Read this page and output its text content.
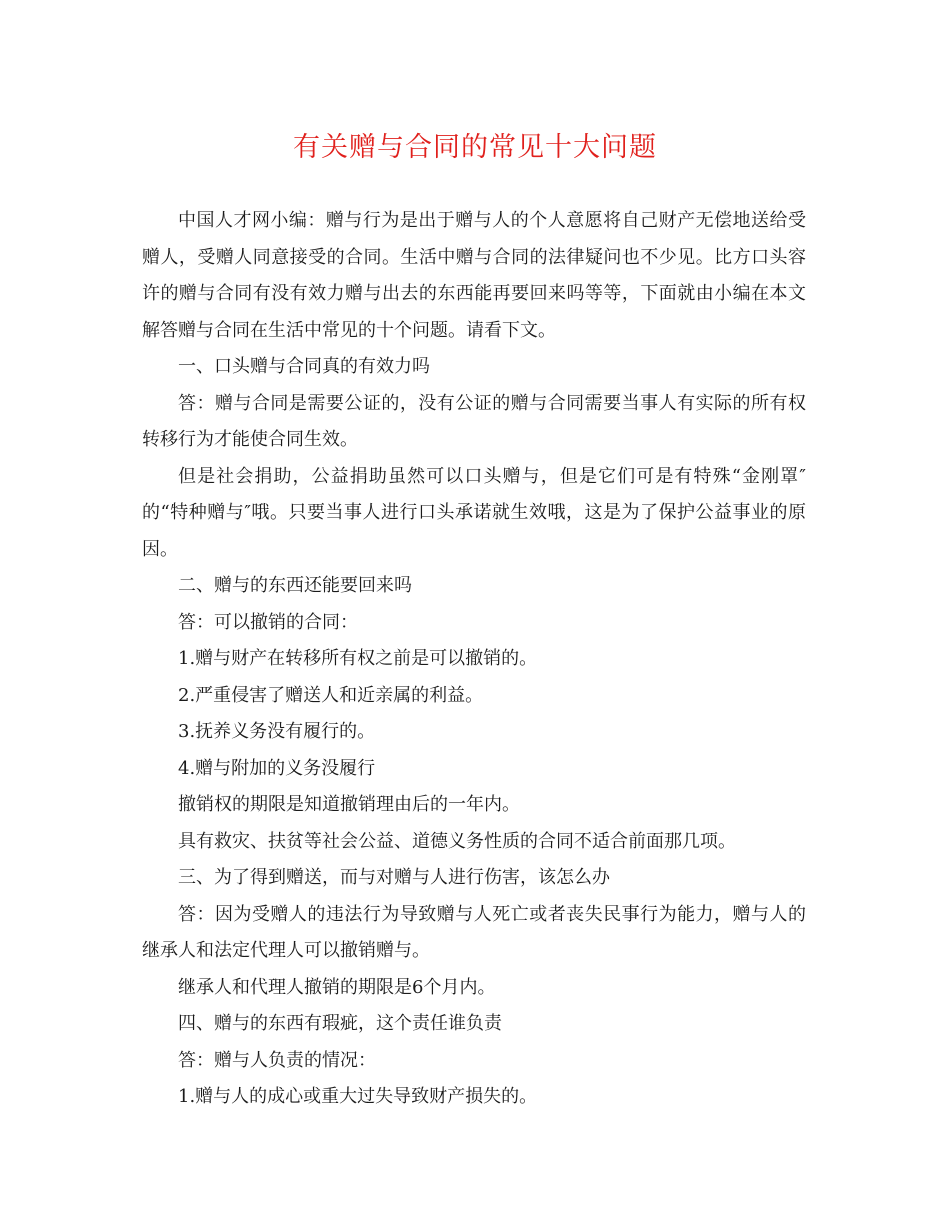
有关赠与合同的常见十大问题

中国人才网小编：赠与行为是出于赠与人的个人意愿将自己财产无偿地送给受赠人，受赠人同意接受的合同。生活中赠与合同的法律疑问也不少见。比方口头容许的赠与合同有没有效力赠与出去的东西能再要回来吗等等，下面就由小编在本文解答赠与合同在生活中常见的十个问题。请看下文。

一、口头赠与合同真的有效力吗

答：赠与合同是需要公证的，没有公证的赠与合同需要当事人有实际的所有权转移行为才能使合同生效。

但是社会捐助，公益捐助虽然可以口头赠与，但是它们可是有特殊“金刚罩″的“特种赠与″哦。只要当事人进行口头承诺就生效哦，这是为了保护公益事业的原因。

二、赠与的东西还能要回来吗

答：可以撤销的合同：

1.赠与财产在转移所有权之前是可以撤销的。

2.严重侵害了赠送人和近亲属的利益。

3.抚养义务没有履行的。

4.赠与附加的义务没履行

撤销权的期限是知道撤销理由后的一年内。

具有救灾、扶贫等社会公益、道德义务性质的合同不适合前面那几项。

三、为了得到赠送，而与对赠与人进行伤害，该怎么办

答：因为受赠人的违法行为导致赠与人死亡或者丧失民事行为能力，赠与人的继承人和法定代理人可以撤销赠与。

继承人和代理人撤销的期限是6个月内。

四、赠与的东西有瑕疵，这个责任谁负责

答：赠与人负责的情况：

1.赠与人的成心或重大过失导致财产损失的。
